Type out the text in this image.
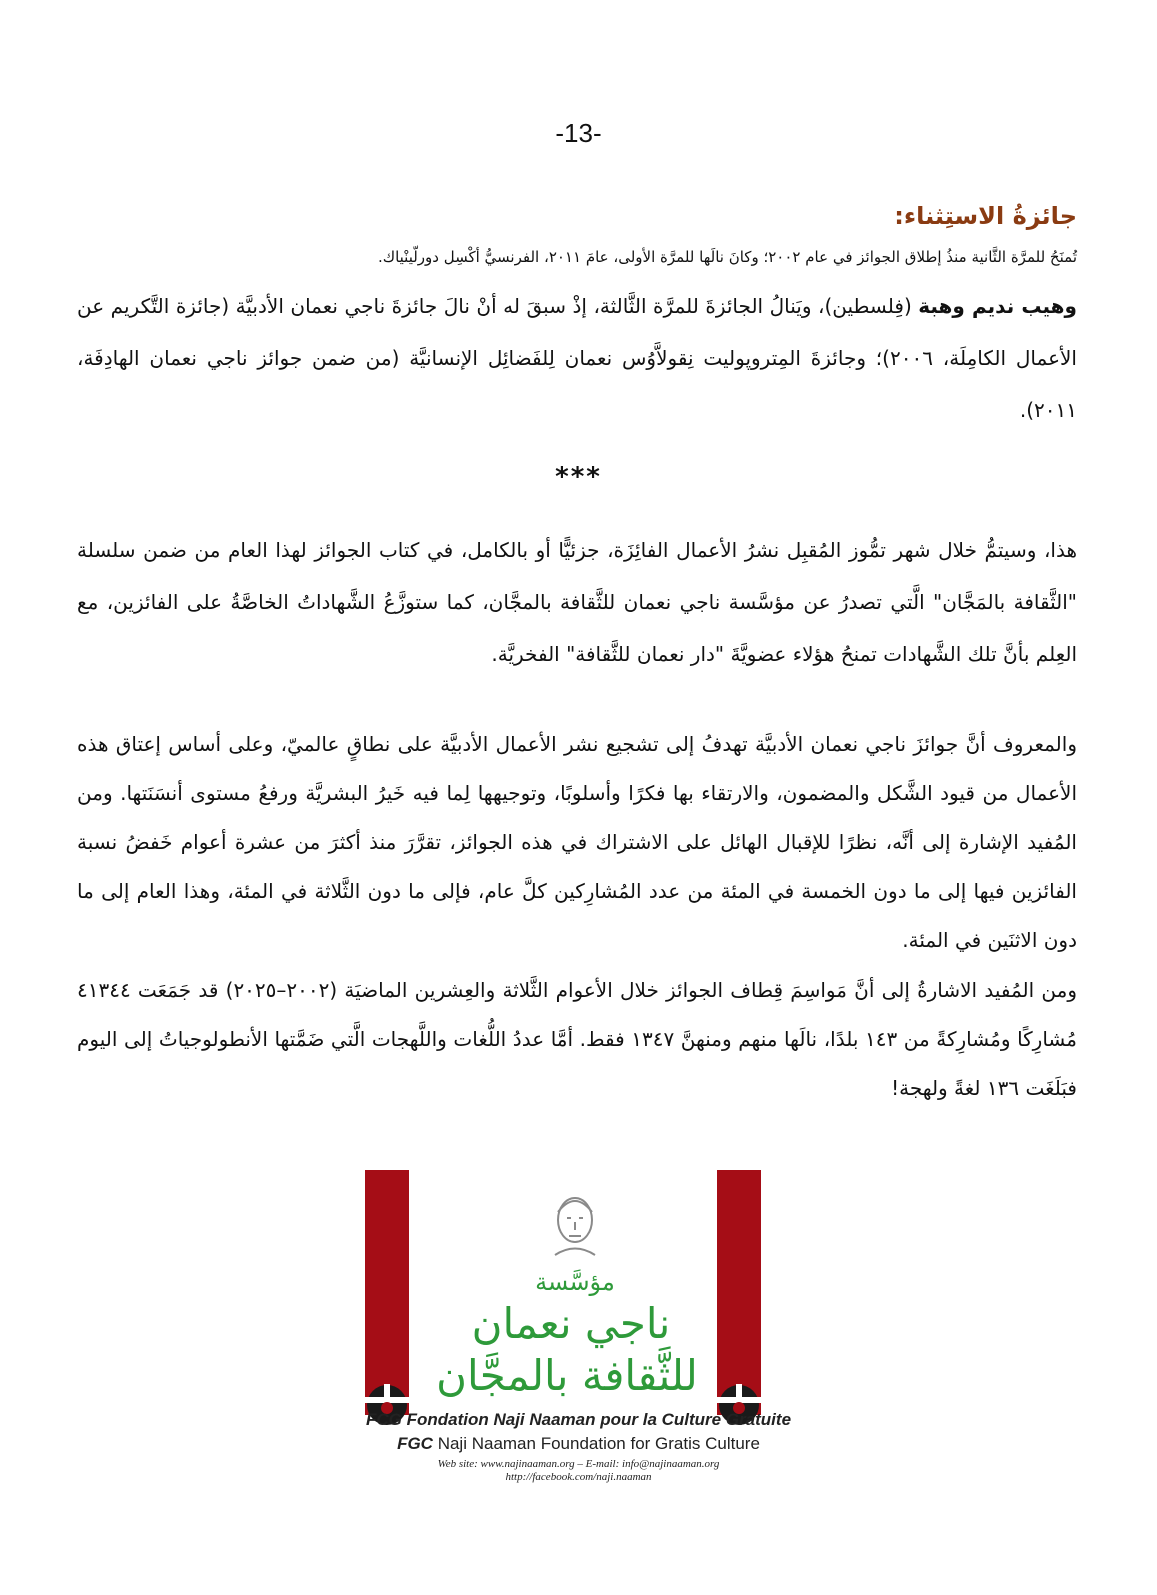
-13-
جائزةُ الاستِثناء:
تُمنَحُ للمرَّة الثَّانية منذُ إطلاق الجوائز في عام ٢٠٠٢؛ وكانَ نالَها للمرَّة الأولى، عامَ ٢٠١١، الفرنسيُّ أكْسِل دورلّينْياك.

وهيب نديم وهبة (فِلسطين)، ويَنالُ الجائزةَ للمرَّة الثَّالثة، إذْ سبقَ له أنْ نالَ جائزةَ ناجي نعمان الأدبيَّة (جائزة التَّكريم عن الأعمال الكامِلَة، ٢٠٠٦)؛ وجائزةَ المِتروپوليت نِقولاَّوُس نعمان لِلفَضائِل الإنسانيَّة (من ضمن جوائز ناجي نعمان الهادِفَة، ٢٠١١).

***
هذا، وسيتمُّ خلال شهر تمُّوز المُقبِل نشرُ الأعمال الفائِزَة، جزئيًّا أو بالكامل، في كتاب الجوائز لهذا العام من ضمن سلسلة "الثَّقافة بالمَجَّان" الَّتي تصدرُ عن مؤسَّسة ناجي نعمان للثَّقافة بالمجَّان، كما ستوزَّعُ الشَّهاداتُ الخاصَّةُ على الفائزين، مع العِلم بأنَّ تلك الشَّهادات تمنحُ هؤلاء عضويَّةَ "دار نعمان للثَّقافة" الفخريَّة.
والمعروف أنَّ جوائزَ ناجي نعمان الأدبيَّة تهدفُ إلى تشجيع نشر الأعمال الأدبيَّة على نطاقٍ عالميّ، وعلى أساس إعتاق هذه الأعمال من قيود الشَّكل والمضمون، والارتقاء بها فكرًا وأسلوبًا، وتوجيهها لِما فيه خَيرُ البشريَّة ورفعُ مستوى أنسَنَتها. ومن المُفيد الإشارة إلى أنَّه، نظرًا للإقبال الهائل على الاشتراك في هذه الجوائز، تقرَّرَ منذ أكثرَ من عشرة أعوام خَفضُ نسبة الفائزين فيها إلى ما دون الخمسة في المئة من عدد المُشارِكين كلَّ عام، فإلى ما دون الثَّلاثة في المئة، وهذا العام إلى ما دون الاثنَين في المئة.
ومن المُفيد الاشارةُ إلى أنَّ مَواسِمَ قِطاف الجوائز خلال الأعوام الثَّلاثة والعِشرين الماضيَة (٢٠٠٢–٢٠٢٥) قد جَمَعَت ٤١٣٤٤ مُشارِكًا ومُشارِكةً من ١٤٣ بلدًا، نالَها منهم ومنهنَّ ١٣٤٧ فقط. أمَّا عددُ اللُّغات واللَّهجات الَّتي ضَمَّتها الأنطولوجياتُ إلى اليوم فبَلَغَت ١٣٦ لغةً ولهجة!
مؤسَّسة
ناجي نعمان
للثَّقافة بالمجَّان
FCG Fondation Naji Naaman pour la Culture Gratuite
FGC Naji Naaman Foundation for Gratis Culture
Web site: www.najinaaman.org – E-mail: info@najinaaman.org
http://facebook.com/naji.naaman
